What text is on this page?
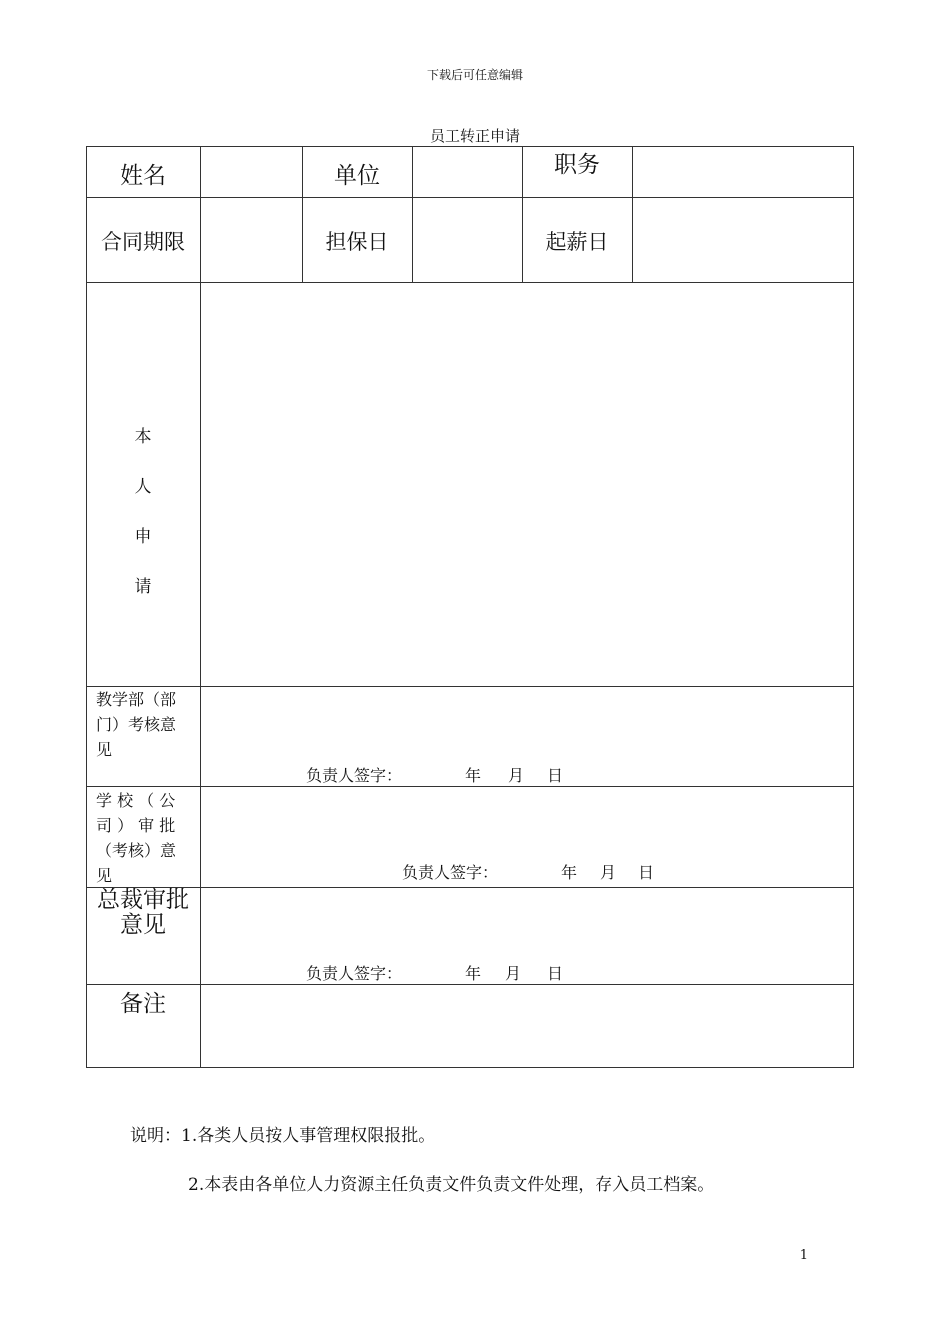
下载后可任意编辑
员工转正申请
姓名	单位	职务
合同期限	担保日	起薪日
本
人
申
请
教学部（部
门）考核意
见
负责人签字：	年 月 日
学 校 （ 公
司 ） 审 批
（考核）意
见	负责人签字：	年 月 日
总裁审批
意见
负责人签字：	年 月 日
备注
说明：1.各类人员按人事管理权限报批。
2.本表由各单位人力资源主任负责文件负责文件处理，存入员工档案。
1
